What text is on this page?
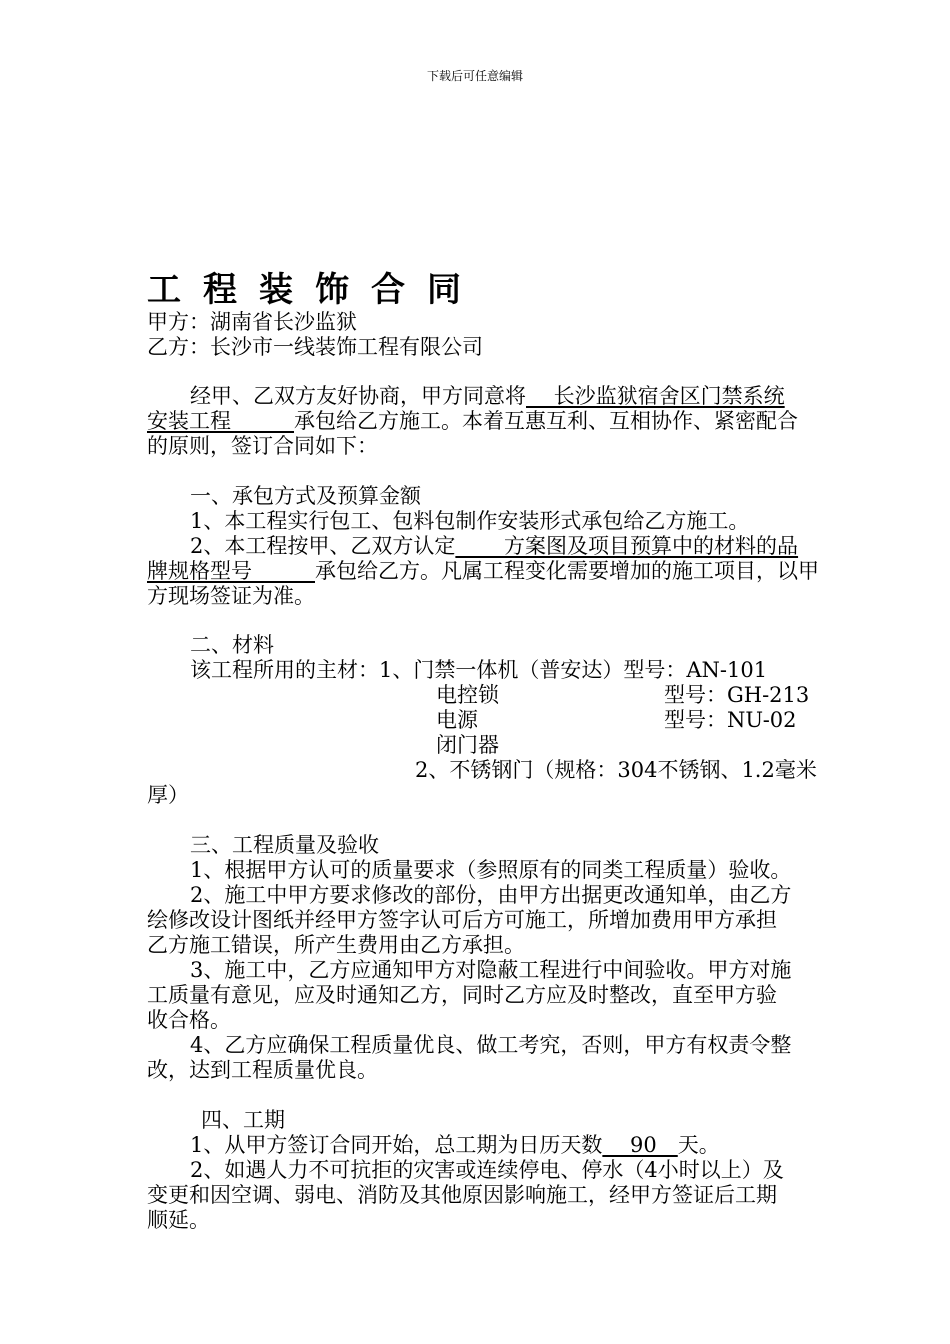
下载后可任意编辑
工程装饰合同
甲方：湖南省长沙监狱
乙方：长沙市一线装饰工程有限公司
经甲、乙双方友好协商，甲方同意将　 长沙监狱宿舍区门禁系统
安装工程　　　承包给乙方施工。本着互惠互利、互相协作、紧密配合
的原则，签订合同如下：
一、承包方式及预算金额
1、本工程实行包工、包料包制作安装形式承包给乙方施工。
2、本工程按甲、乙双方认定　　 方案图及项目预算中的材料的品
牌规格型号　　　承包给乙方。凡属工程变化需要增加的施工项目，以甲
方现场签证为准。
二、材料
该工程所用的主材：1、门禁一体机（普安达）型号：AN-101
电控锁	型号：GH-213
电源	型号：NU-02
闭门器
2、不锈钢门（规格：304不锈钢、1.2毫米
厚）
三、工程质量及验收
1、根据甲方认可的质量要求（参照原有的同类工程质量）验收。
2、施工中甲方要求修改的部份，由甲方出据更改通知单，由乙方
绘修改设计图纸并经甲方签字认可后方可施工，所增加费用甲方承担
乙方施工错误，所产生费用由乙方承担。
3、施工中，乙方应通知甲方对隐蔽工程进行中间验收。甲方对施
工质量有意见，应及时通知乙方，同时乙方应及时整改，直至甲方验
收合格。
4、乙方应确保工程质量优良、做工考究，否则，甲方有权责令整
改，达到工程质量优良。
四、工期
1、从甲方签订合同开始，总工期为日历天数　 90　天。
2、如遇人力不可抗拒的灾害或连续停电、停水（4小时以上）及
变更和因空调、弱电、消防及其他原因影响施工，经甲方签证后工期
顺延。
